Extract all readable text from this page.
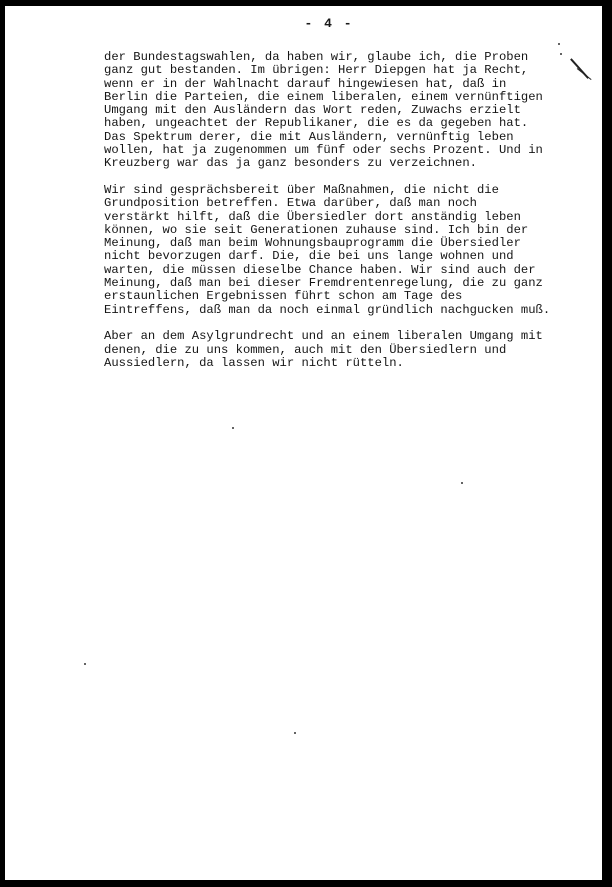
- 4 -

der Bundestagswahlen, da haben wir, glaube ich, die Proben
ganz gut bestanden. Im übrigen: Herr Diepgen hat ja Recht,
wenn er in der Wahlnacht darauf hingewiesen hat, daß in
Berlin die Parteien, die einem liberalen, einem vernünftigen
Umgang mit den Ausländern das Wort reden, Zuwachs erzielt
haben, ungeachtet der Republikaner, die es da gegeben hat.
Das Spektrum derer, die mit Ausländern, vernünftig leben
wollen, hat ja zugenommen um fünf oder sechs Prozent. Und in
Kreuzberg war das ja ganz besonders zu verzeichnen.

Wir sind gesprächsbereit über Maßnahmen, die nicht die
Grundposition betreffen. Etwa darüber, daß man noch
verstärkt hilft, daß die Übersiedler dort anständig leben
können, wo sie seit Generationen zuhause sind. Ich bin der
Meinung, daß man beim Wohnungsbauprogramm die Übersiedler
nicht bevorzugen darf. Die, die bei uns lange wohnen und
warten, die müssen dieselbe Chance haben. Wir sind auch der
Meinung, daß man bei dieser Fremdrentenregelung, die zu ganz
erstaunlichen Ergebnissen führt schon am Tage des
Eintreffens, daß man da noch einmal gründlich nachgucken muß.

Aber an dem Asylgrundrecht und an einem liberalen Umgang mit
denen, die zu uns kommen, auch mit den Übersiedlern und
Aussiedlern, da lassen wir nicht rütteln.
